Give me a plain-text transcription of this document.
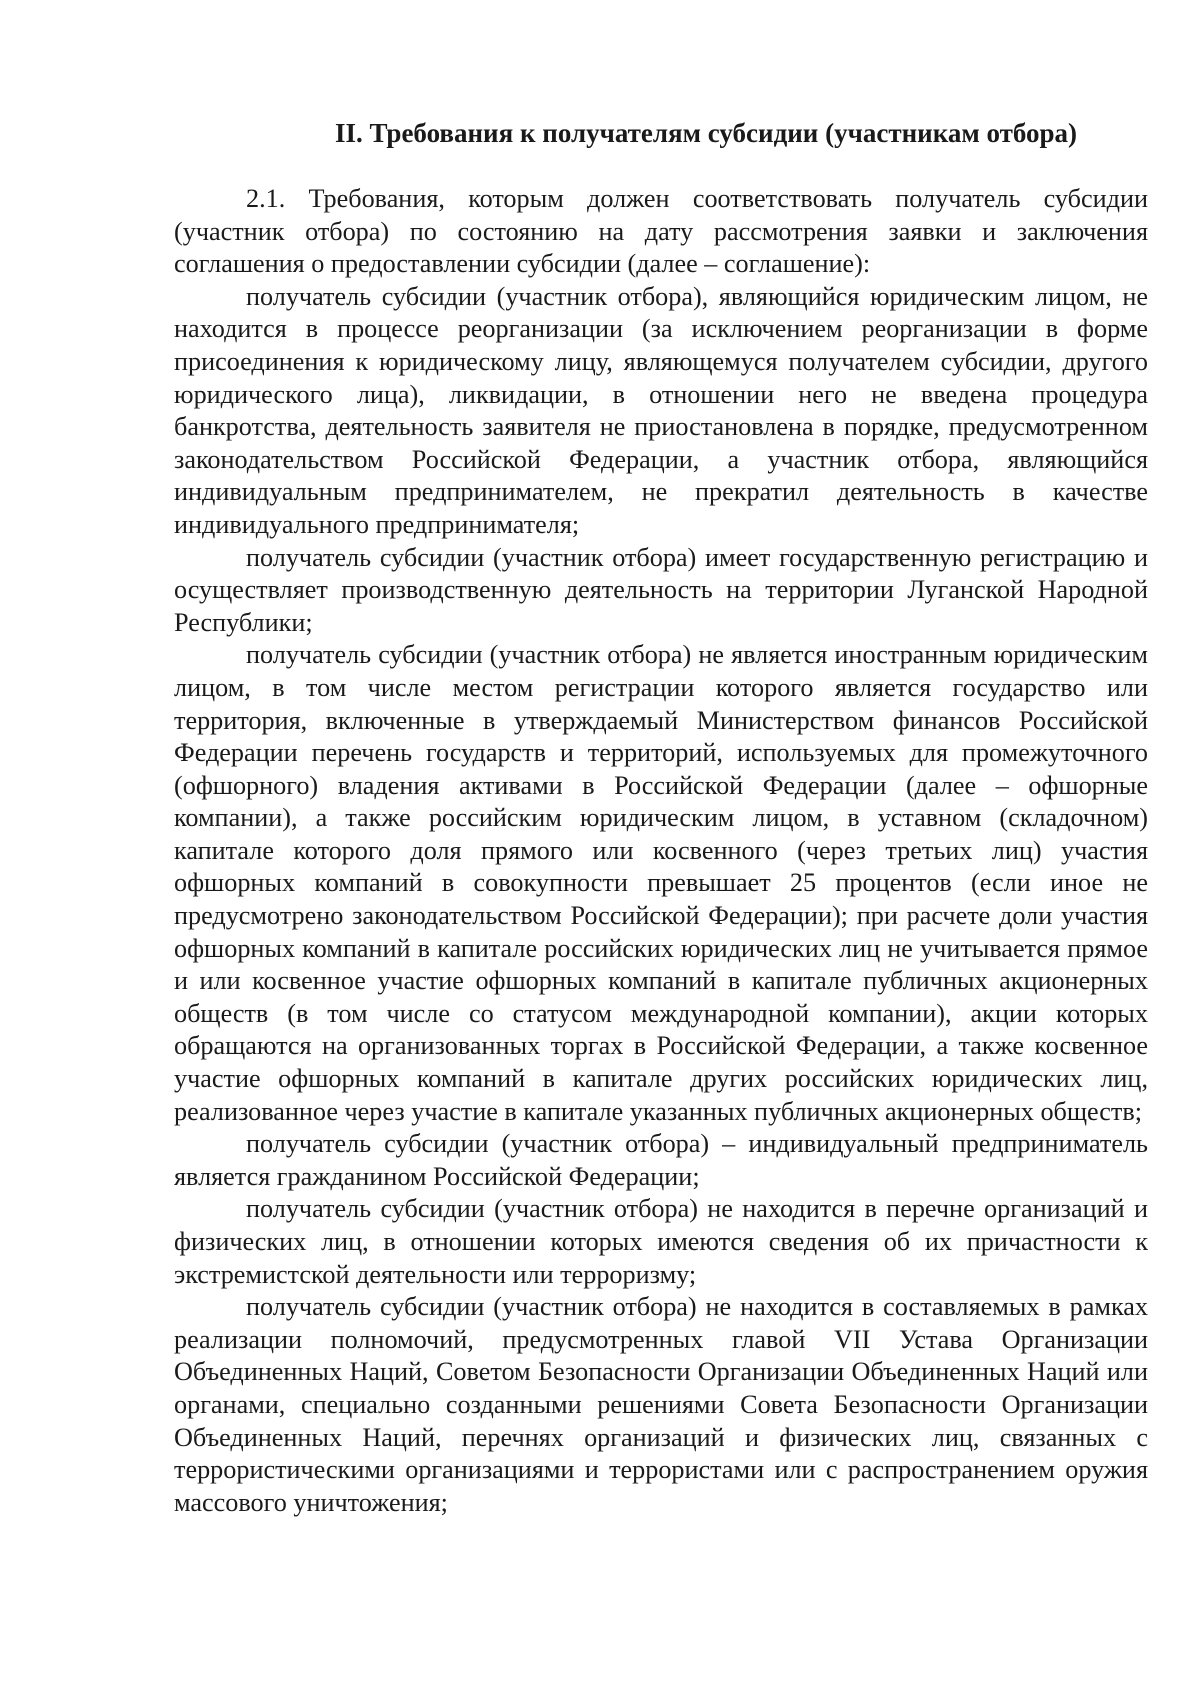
II. Требования к получателям субсидии (участникам отбора)

2.1. Требования, которым должен соответствовать получатель субсидии (участник отбора) по состоянию на дату рассмотрения заявки и заключения соглашения о предоставлении субсидии (далее – соглашение):

получатель субсидии (участник отбора), являющийся юридическим лицом, не находится в процессе реорганизации (за исключением реорганизации в форме присоединения к юридическому лицу, являющемуся получателем субсидии, другого юридического лица), ликвидации, в отношении него не введена процедура банкротства, деятельность заявителя не приостановлена в порядке, предусмотренном законодательством Российской Федерации, а участник отбора, являющийся индивидуальным предпринимателем, не прекратил деятельность в качестве индивидуального предпринимателя;

получатель субсидии (участник отбора) имеет государственную регистрацию и осуществляет производственную деятельность на территории Луганской Народной Республики;

получатель субсидии (участник отбора) не является иностранным юридическим лицом, в том числе местом регистрации которого является государство или территория, включенные в утверждаемый Министерством финансов Российской Федерации перечень государств и территорий, используемых для промежуточного (офшорного) владения активами в Российской Федерации (далее – офшорные компании), а также российским юридическим лицом, в уставном (складочном) капитале которого доля прямого или косвенного (через третьих лиц) участия офшорных компаний в совокупности превышает 25 процентов (если иное не предусмотрено законодательством Российской Федерации); при расчете доли участия офшорных компаний в капитале российских юридических лиц не учитывается прямое и или косвенное участие офшорных компаний в капитале публичных акционерных обществ (в том числе со статусом международной компании), акции которых обращаются на организованных торгах в Российской Федерации, а также косвенное участие офшорных компаний в капитале других российских юридических лиц, реализованное через участие в капитале указанных публичных акционерных обществ;

получатель субсидии (участник отбора) – индивидуальный предприниматель является гражданином Российской Федерации;

получатель субсидии (участник отбора) не находится в перечне организаций и физических лиц, в отношении которых имеются сведения об их причастности к экстремистской деятельности или терроризму;

получатель субсидии (участник отбора) не находится в составляемых в рамках реализации полномочий, предусмотренных главой VII Устава Организации Объединенных Наций, Советом Безопасности Организации Объединенных Наций или органами, специально созданными решениями Совета Безопасности Организации Объединенных Наций, перечнях организаций и физических лиц, связанных с террористическими организациями и террористами или с распространением оружия массового уничтожения;
